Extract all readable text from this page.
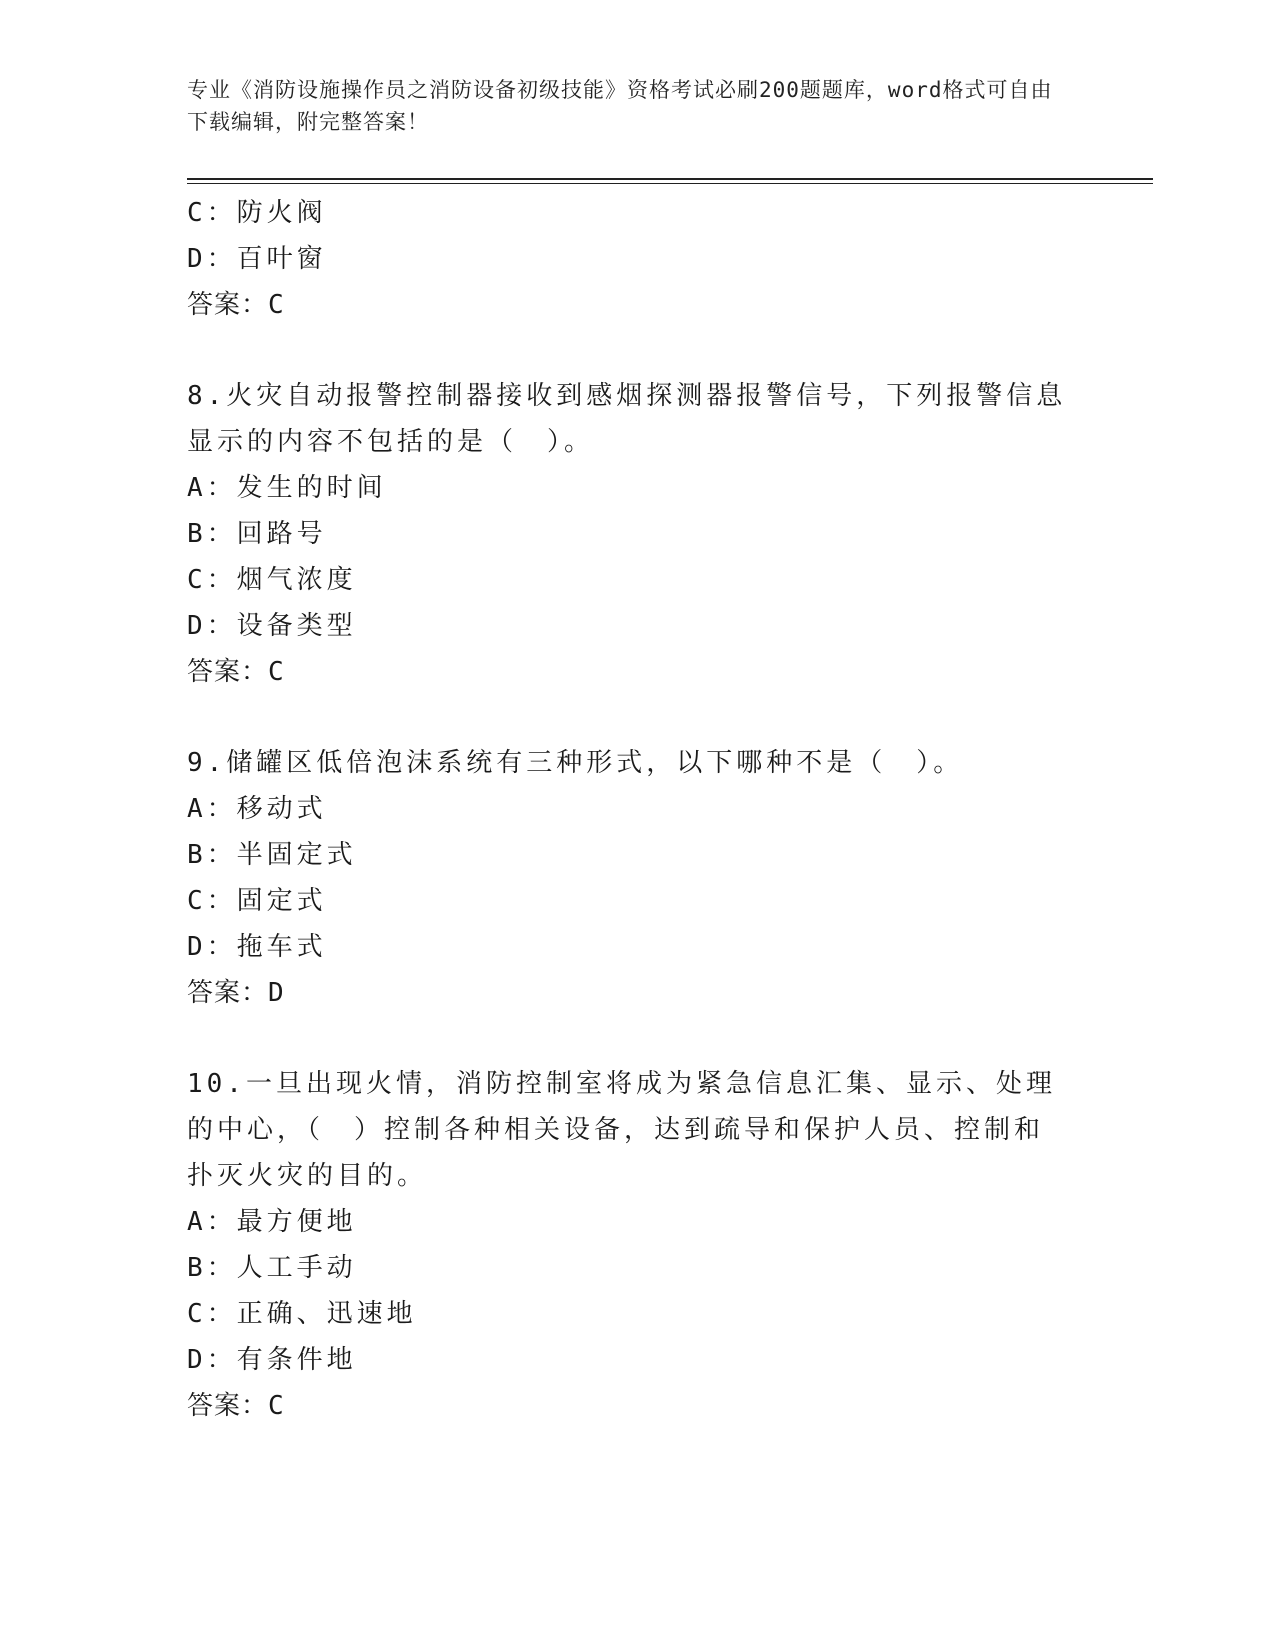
专业《消防设施操作员之消防设备初级技能》资格考试必刷200题题库，word格式可自由下载编辑，附完整答案！
C：防火阀
D：百叶窗
答案：C
8.火灾自动报警控制器接收到感烟探测器报警信号，下列报警信息显示的内容不包括的是（　）。
A：发生的时间
B：回路号
C：烟气浓度
D：设备类型
答案：C
9.储罐区低倍泡沫系统有三种形式，以下哪种不是（　）。
A：移动式
B：半固定式
C：固定式
D：拖车式
答案：D
10.一旦出现火情，消防控制室将成为紧急信息汇集、显示、处理的中心，（　）控制各种相关设备，达到疏导和保护人员、控制和扑灭火灾的目的。
A：最方便地
B：人工手动
C：正确、迅速地
D：有条件地
答案：C
